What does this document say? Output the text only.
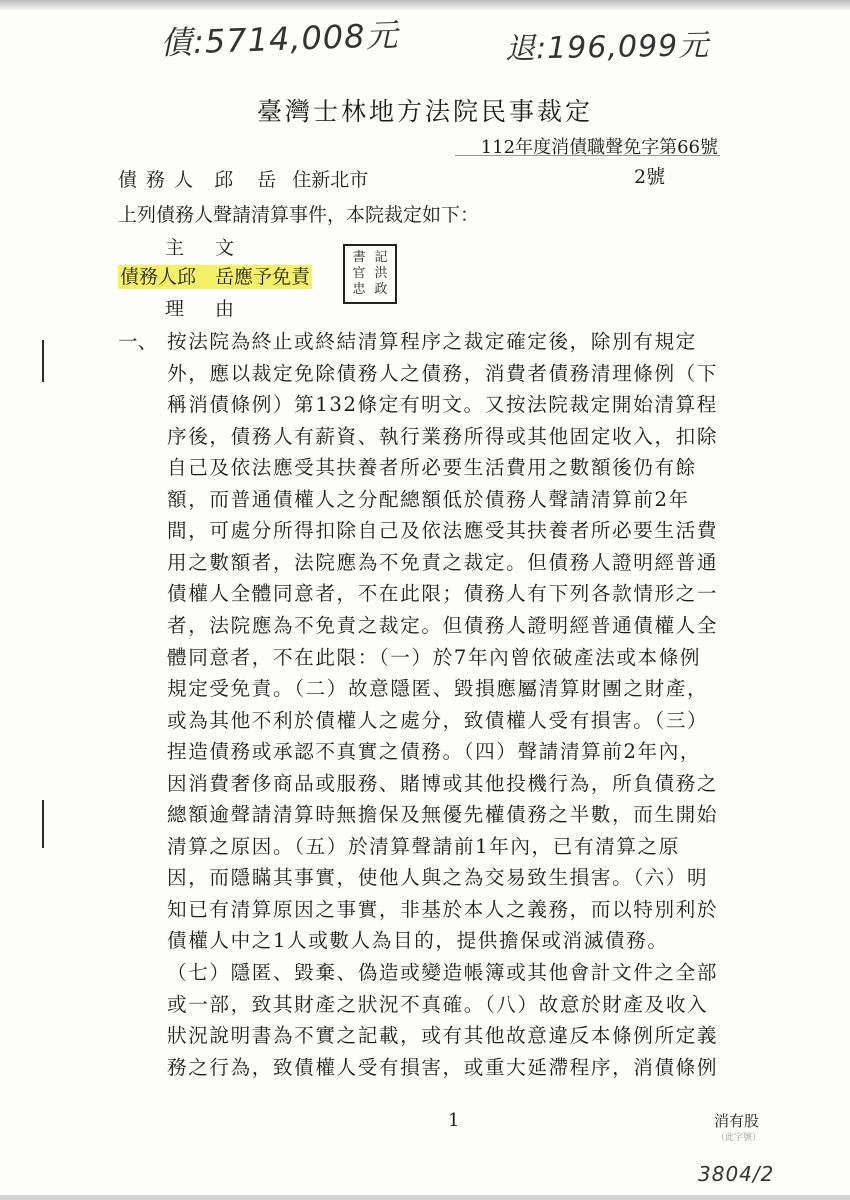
債:5714,008元	退:196,099元
臺灣士林地方法院民事裁定
112年度消債職聲免字第66號
債務人 邱 岳 住新北市	2號
上列債務人聲請清算事件，本院裁定如下：
主　文
債務人邱　岳應予免責
書 記
官 洪
忠 政
理　由
一、 按法院為終止或終結清算程序之裁定確定後，除別有規定
外，應以裁定免除債務人之債務，消費者債務清理條例（下
稱消債條例）第132條定有明文。又按法院裁定開始清算程
序後，債務人有薪資、執行業務所得或其他固定收入，扣除
自己及依法應受其扶養者所必要生活費用之數額後仍有餘
額，而普通債權人之分配總額低於債務人聲請清算前2年
間，可處分所得扣除自己及依法應受其扶養者所必要生活費
用之數額者，法院應為不免責之裁定。但債務人證明經普通
債權人全體同意者，不在此限；債務人有下列各款情形之一
者，法院應為不免責之裁定。但債務人證明經普通債權人全
體同意者，不在此限：（一）於7年內曾依破產法或本條例
規定受免責。（二）故意隱匿、毀損應屬清算財團之財產，
或為其他不利於債權人之處分，致債權人受有損害。（三）
捏造債務或承認不真實之債務。（四）聲請清算前2年內，
因消費奢侈商品或服務、賭博或其他投機行為，所負債務之
總額逾聲請清算時無擔保及無優先權債務之半數，而生開始
清算之原因。（五）於清算聲請前1年內，已有清算之原
因，而隱瞞其事實，使他人與之為交易致生損害。（六）明
知已有清算原因之事實，非基於本人之義務，而以特別利於
債權人中之1人或數人為目的，提供擔保或消滅債務。
（七）隱匿、毀棄、偽造或變造帳簿或其他會計文件之全部
或一部，致其財產之狀況不真確。（八）故意於財產及收入
狀況說明書為不實之記載，或有其他故意違反本條例所定義
務之行為，致債權人受有損害，或重大延滯程序，消債條例
1	消有股
（此字號）
3804/2
